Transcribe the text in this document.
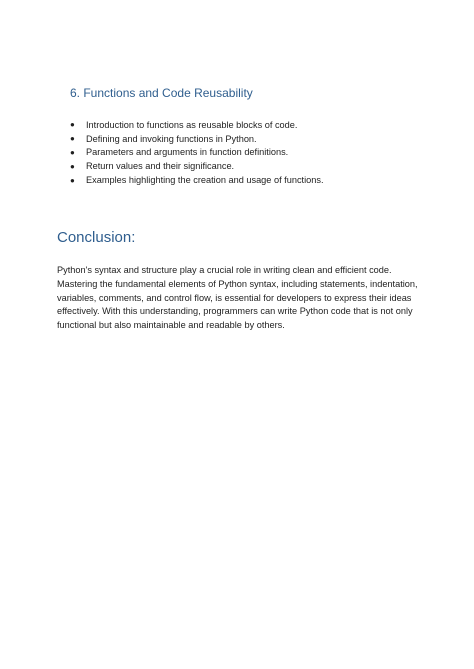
6. Functions and Code Reusability
●	Introduction to functions as reusable blocks of code.
●	Defining and invoking functions in Python.
●	Parameters and arguments in function definitions.
●	Return values and their significance.
●	Examples highlighting the creation and usage of functions.
Conclusion:

Python's syntax and structure play a crucial role in writing clean and efficient code. Mastering the fundamental elements of Python syntax, including statements, indentation, variables, comments, and control flow, is essential for developers to express their ideas effectively. With this understanding, programmers can write Python code that is not only functional but also maintainable and readable by others.
